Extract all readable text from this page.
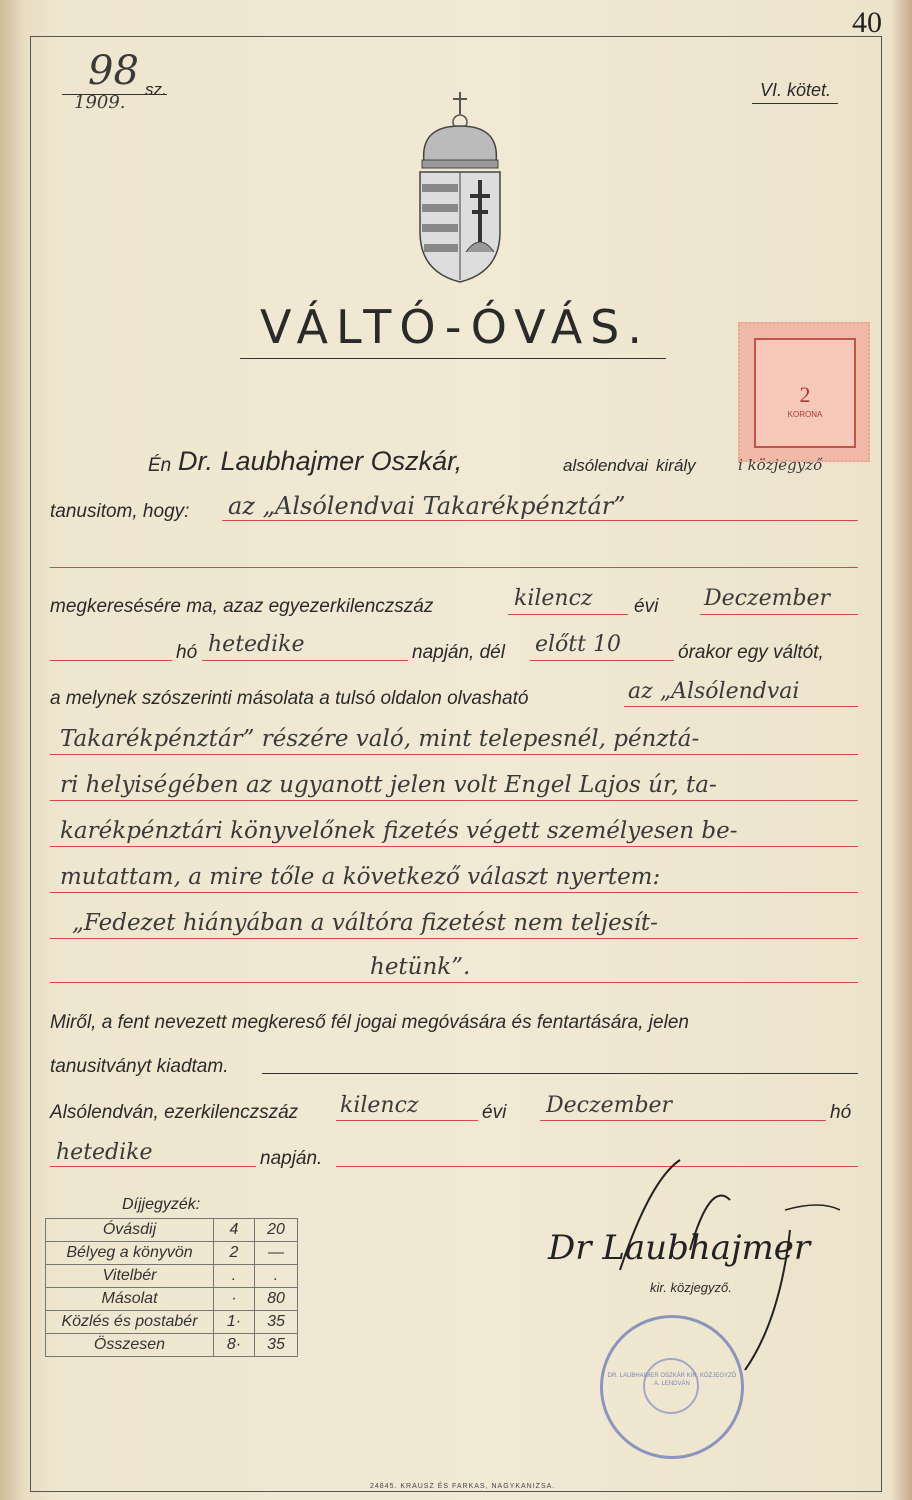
40
98 sz.
1909.
VI. kötet.
VÁLTÓ-ÓVÁS.
2
KORONA
Én Dr. Laubhajmer Oszkár,	alsólendvai király	i közjegyző
tanusitom, hogy: az „Alsólendvai Takarékpénztár”
megkeresésére ma, azaz egyezerkilenczszáz	kilencz évi Deczember
hó hetedike	napján, dél előtt 10	órakor egy váltót,
a melynek szószerinti másolata a tulsó oldalon olvasható	az „Alsólendvai
Takarékpénztár” részére való, mint telepesnél, pénztá-
ri helyiségében az ugyanott jelen volt Engel Lajos úr, ta-
karékpénztári könyvelőnek fizetés végett személyesen be-
mutattam, a mire tőle a következő választ nyertem:
„Fedezet hiányában a váltóra fizetést nem teljesít-
hetünk”.
Miről, a fent nevezett megkereső fél jogai megóvására és fentartására, jelen
tanusitványt kiadtam.
Alsólendván, ezerkilenczszáz kilencz	évi Deczember	hó
hetedike	napján.
Díjjegyzék:
Óvásdij	4	20
Bélyeg a könyvön	2	—
Vitelbér	.	.
Másolat	·	80
Közlés és postabér	1·	35
Összesen	8·	35
Dr Laubhajmer
kir. közjegyző.
DR. LAUBHAIMER OSZKÁR KIR. KÖZJEGYZŐ A. LENDVÁN
24845. KRAUSZ ÉS FARKAS, NAGYKANIZSA.
